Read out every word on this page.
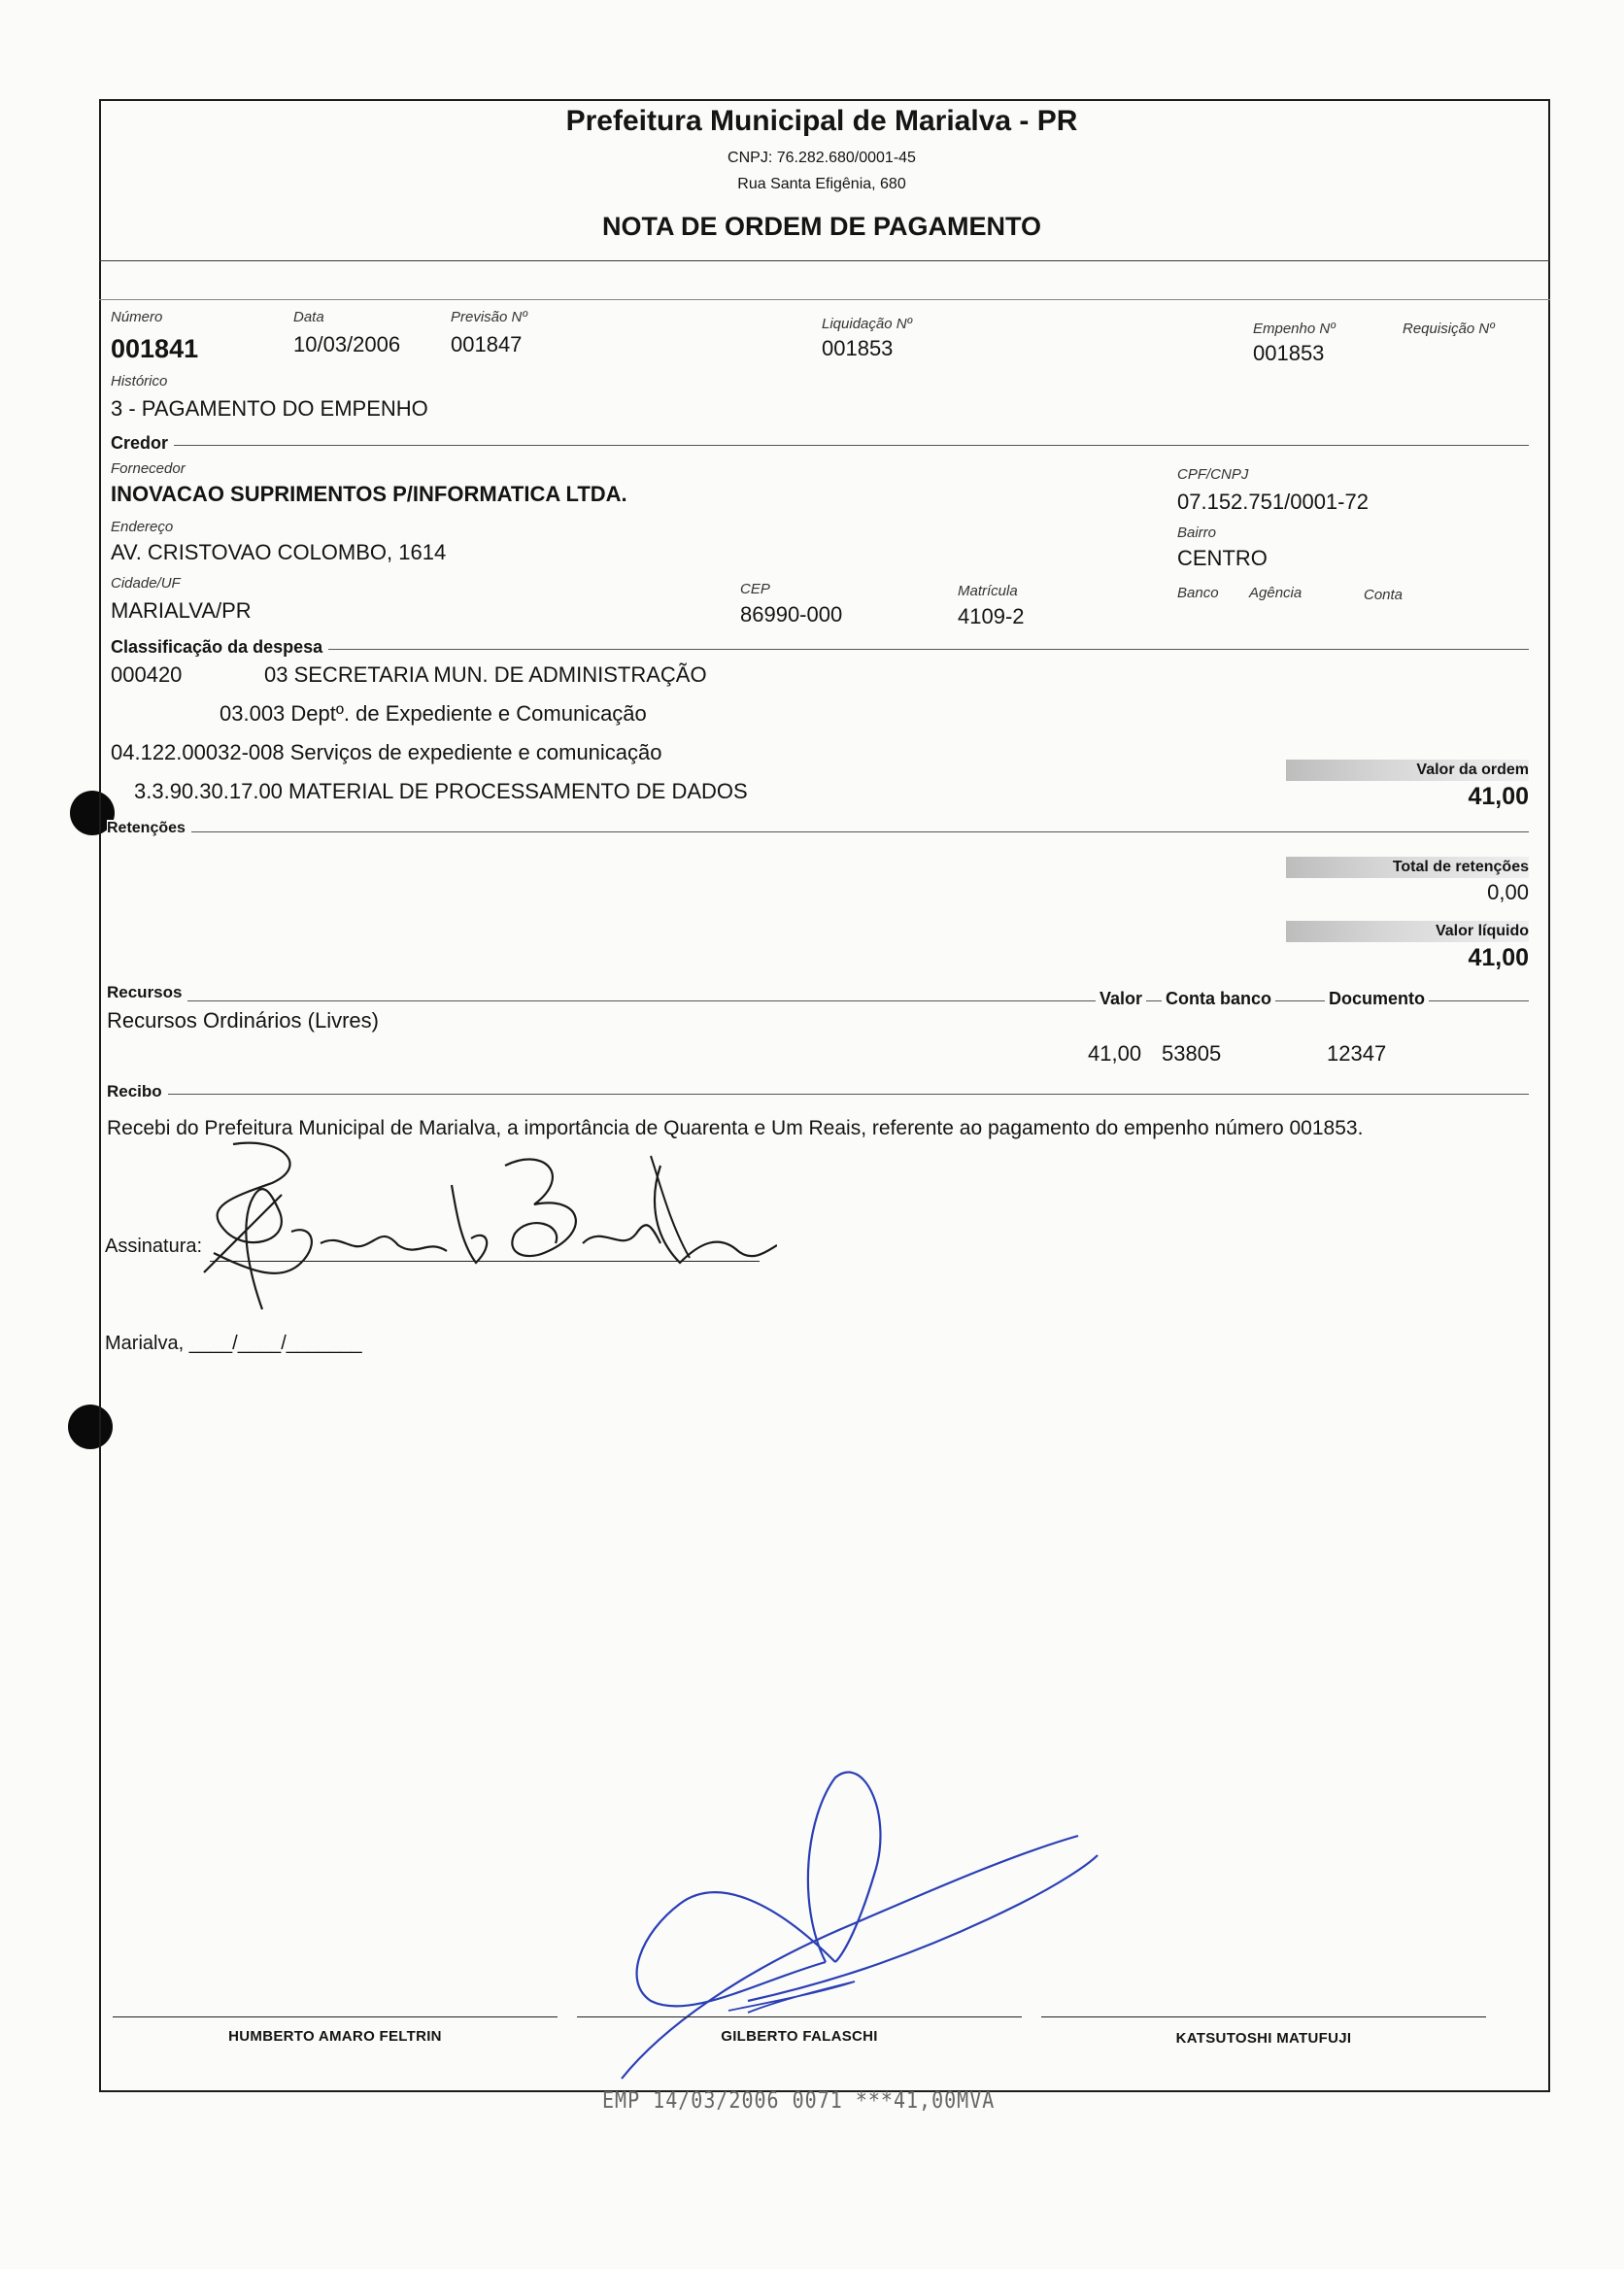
Prefeitura Municipal de Marialva - PR
CNPJ: 76.282.680/0001-45
Rua Santa Efigênia, 680
NOTA DE ORDEM DE PAGAMENTO
Número
001841
Data
10/03/2006
Previsão Nº
001847
Liquidação Nº
001853
Empenho Nº
001853
Requisição Nº
Histórico
3 - PAGAMENTO DO EMPENHO
Credor
Fornecedor
INOVACAO SUPRIMENTOS P/INFORMATICA LTDA.
CPF/CNPJ
07.152.751/0001-72
Endereço
AV. CRISTOVAO COLOMBO, 1614
Bairro
CENTRO
Cidade/UF
MARIALVA/PR
CEP
86990-000
Matrícula
4109-2
Banco Agência	Conta
Classificação da despesa
000420	03 SECRETARIA MUN. DE ADMINISTRAÇÃO
03.003 Deptº. de Expediente e Comunicação
04.122.00032-008 Serviços de expediente e comunicação
3.3.90.30.17.00 MATERIAL DE PROCESSAMENTO DE DADOS
Valor da ordem
41,00
Retenções
Total de retenções
0,00
Valor líquido
41,00
Recursos	Valor Conta banco	Documento
Recursos Ordinários (Livres)
41,00 53805	12347
Recibo
Recebi do Prefeitura Municipal de Marialva, a importância de Quarenta e Um Reais, referente ao pagamento do empenho número 001853.
Assinatura:
Marialva, ____/____/_______
HUMBERTO AMARO FELTRIN	GILBERTO FALASCHI	KATSUTOSHI MATUFUJI
EMP 14/03/2006 0071 ***41,00MVA
